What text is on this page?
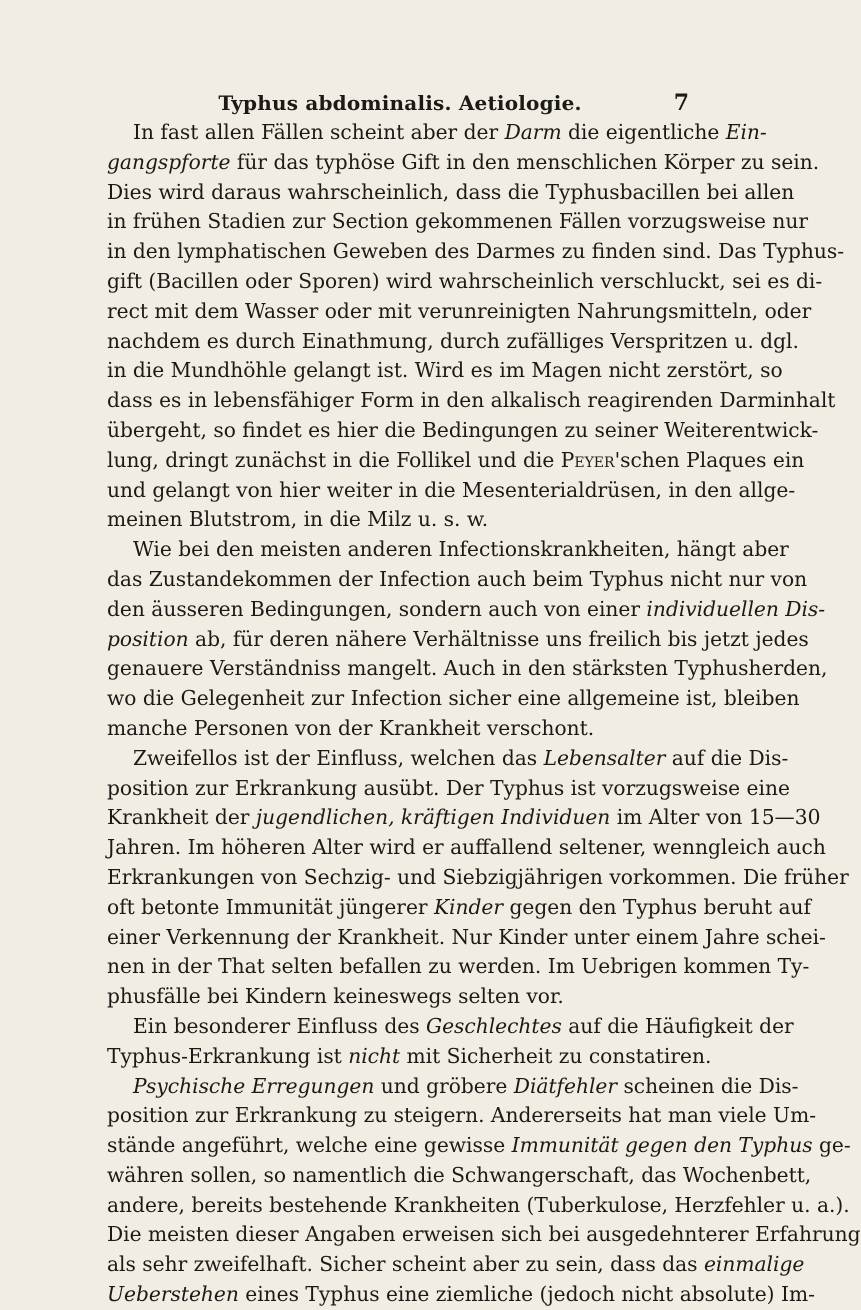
Typhus abdominalis. Aetiologie.	7
In fast allen Fällen scheint aber der Darm die eigentliche Ein-
gangspforte für das typhöse Gift in den menschlichen Körper zu sein.
Dies wird daraus wahrscheinlich, dass die Typhusbacillen bei allen
in frühen Stadien zur Section gekommenen Fällen vorzugsweise nur
in den lymphatischen Geweben des Darmes zu finden sind. Das Typhus-
gift (Bacillen oder Sporen) wird wahrscheinlich verschluckt, sei es di-
rect mit dem Wasser oder mit verunreinigten Nahrungsmitteln, oder
nachdem es durch Einathmung, durch zufälliges Verspritzen u. dgl.
in die Mundhöhle gelangt ist. Wird es im Magen nicht zerstört, so
dass es in lebensfähiger Form in den alkalisch reagirenden Darminhalt
übergeht, so findet es hier die Bedingungen zu seiner Weiterentwick-
lung, dringt zunächst in die Follikel und die Peyer'schen Plaques ein
und gelangt von hier weiter in die Mesenterialdrüsen, in den allge-
meinen Blutstrom, in die Milz u. s. w.
Wie bei den meisten anderen Infectionskrankheiten, hängt aber
das Zustandekommen der Infection auch beim Typhus nicht nur von
den äusseren Bedingungen, sondern auch von einer individuellen Dis-
position ab, für deren nähere Verhältnisse uns freilich bis jetzt jedes
genauere Verständniss mangelt. Auch in den stärksten Typhusherden,
wo die Gelegenheit zur Infection sicher eine allgemeine ist, bleiben
manche Personen von der Krankheit verschont.
Zweifellos ist der Einfluss, welchen das Lebensalter auf die Dis-
position zur Erkrankung ausübt. Der Typhus ist vorzugsweise eine
Krankheit der jugendlichen, kräftigen Individuen im Alter von 15—30
Jahren. Im höheren Alter wird er auffallend seltener, wenngleich auch
Erkrankungen von Sechzig- und Siebzigjährigen vorkommen. Die früher
oft betonte Immunität jüngerer Kinder gegen den Typhus beruht auf
einer Verkennung der Krankheit. Nur Kinder unter einem Jahre schei-
nen in der That selten befallen zu werden. Im Uebrigen kommen Ty-
phusfälle bei Kindern keineswegs selten vor.
Ein besonderer Einfluss des Geschlechtes auf die Häufigkeit der
Typhus-Erkrankung ist nicht mit Sicherheit zu constatiren.
Psychische Erregungen und gröbere Diätfehler scheinen die Dis-
position zur Erkrankung zu steigern. Andererseits hat man viele Um-
stände angeführt, welche eine gewisse Immunität gegen den Typhus ge-
währen sollen, so namentlich die Schwangerschaft, das Wochenbett,
andere, bereits bestehende Krankheiten (Tuberkulose, Herzfehler u. a.).
Die meisten dieser Angaben erweisen sich bei ausgedehnterer Erfahrung
als sehr zweifelhaft. Sicher scheint aber zu sein, dass das einmalige
Ueberstehen eines Typhus eine ziemliche (jedoch nicht absolute) Im-
